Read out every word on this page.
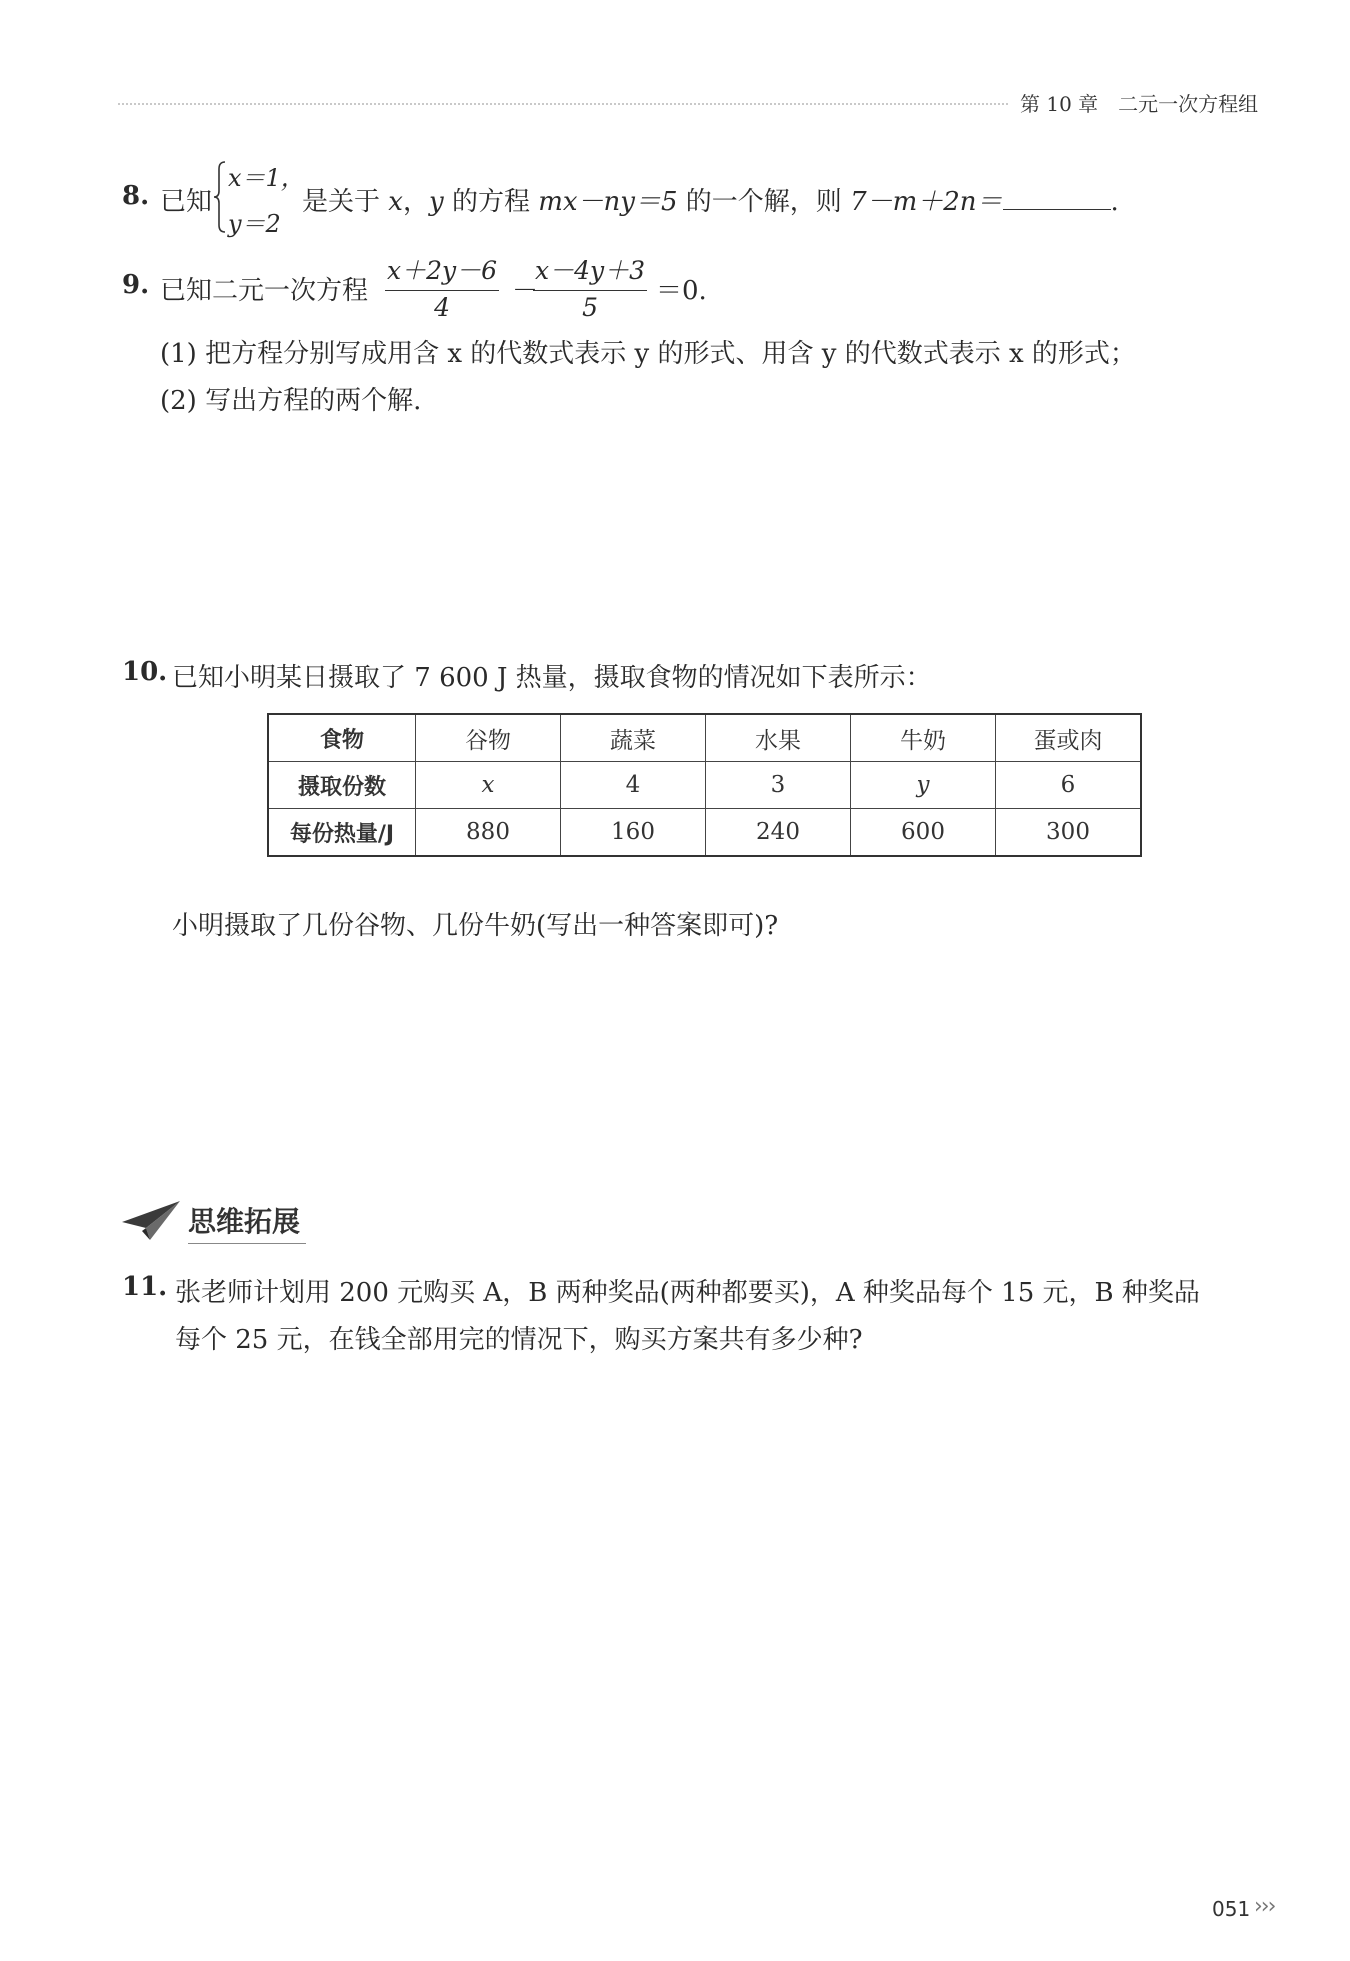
第 10 章　二元一次方程组
8. 已知
x＝1，
y＝2
是关于 x，y 的方程 mx－ny＝5 的一个解，则 7－m＋2n＝	.
9. 已知二元一次方程
x＋2y－6
4
－
x－4y＋3
5
＝0.
(1) 把方程分别写成用含 x 的代数式表示 y 的形式、用含 y 的代数式表示 x 的形式；
(2) 写出方程的两个解.
10. 已知小明某日摄取了 7 600 J 热量，摄取食物的情况如下表所示：
食物	谷物	蔬菜	水果	牛奶	蛋或肉
摄取份数	x	4	3	y	6
每份热量/J	880	160	240	600	300
小明摄取了几份谷物、几份牛奶(写出一种答案即可)?
思维拓展
11. 张老师计划用 200 元购买 A，B 两种奖品(两种都要买)，A 种奖品每个 15 元，B 种奖品
每个 25 元，在钱全部用完的情况下，购买方案共有多少种?
051 ›››
